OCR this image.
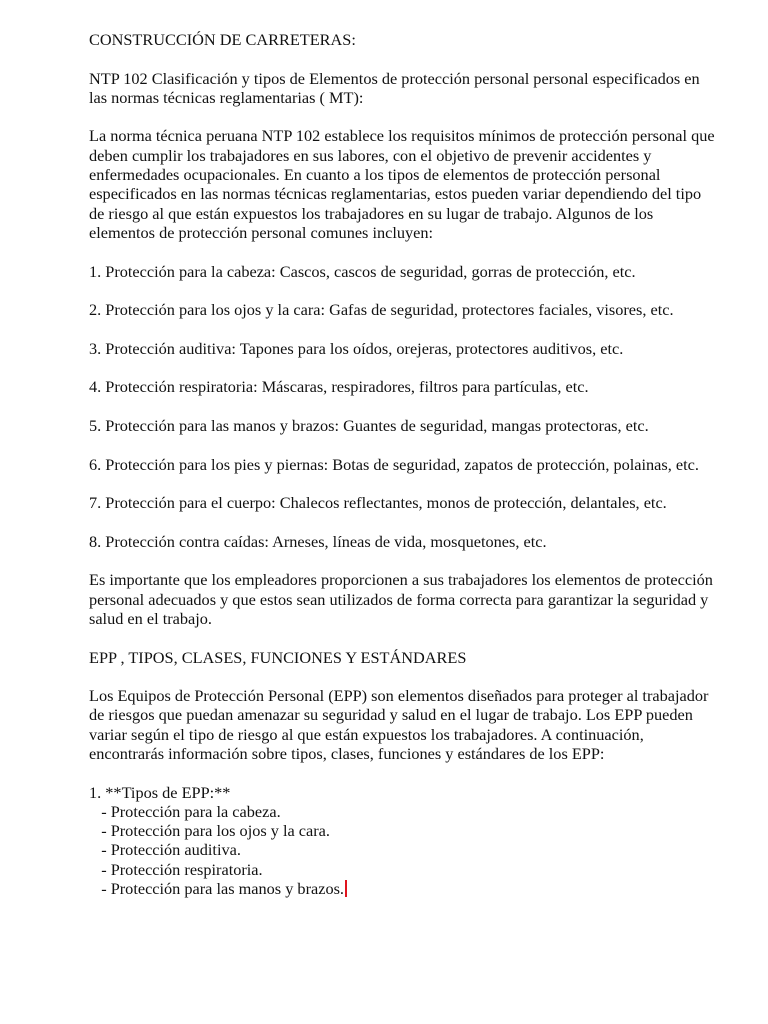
CONSTRUCCIÓN DE CARRETERAS:

NTP 102 Clasificación y tipos de Elementos de protección personal personal especificados en las normas técnicas reglamentarias ( MT):

La norma técnica peruana NTP 102 establece los requisitos mínimos de protección personal que deben cumplir los trabajadores en sus labores, con el objetivo de prevenir accidentes y enfermedades ocupacionales. En cuanto a los tipos de elementos de protección personal especificados en las normas técnicas reglamentarias, estos pueden variar dependiendo del tipo de riesgo al que están expuestos los trabajadores en su lugar de trabajo. Algunos de los elementos de protección personal comunes incluyen:

1. Protección para la cabeza: Cascos, cascos de seguridad, gorras de protección, etc.

2. Protección para los ojos y la cara: Gafas de seguridad, protectores faciales, visores, etc.

3. Protección auditiva: Tapones para los oídos, orejeras, protectores auditivos, etc.

4. Protección respiratoria: Máscaras, respiradores, filtros para partículas, etc.

5. Protección para las manos y brazos: Guantes de seguridad, mangas protectoras, etc.

6. Protección para los pies y piernas: Botas de seguridad, zapatos de protección, polainas, etc.

7. Protección para el cuerpo: Chalecos reflectantes, monos de protección, delantales, etc.

8. Protección contra caídas: Arneses, líneas de vida, mosquetones, etc.

Es importante que los empleadores proporcionen a sus trabajadores los elementos de protección personal adecuados y que estos sean utilizados de forma correcta para garantizar la seguridad y salud en el trabajo.

EPP , TIPOS, CLASES, FUNCIONES Y ESTÁNDARES

Los Equipos de Protección Personal (EPP) son elementos diseñados para proteger al trabajador de riesgos que puedan amenazar su seguridad y salud en el lugar de trabajo. Los EPP pueden variar según el tipo de riesgo al que están expuestos los trabajadores. A continuación, encontrarás información sobre tipos, clases, funciones y estándares de los EPP:

1. **Tipos de EPP:**

- Protección para la cabeza.

- Protección para los ojos y la cara.

- Protección auditiva.

- Protección respiratoria.

- Protección para las manos y brazos.
